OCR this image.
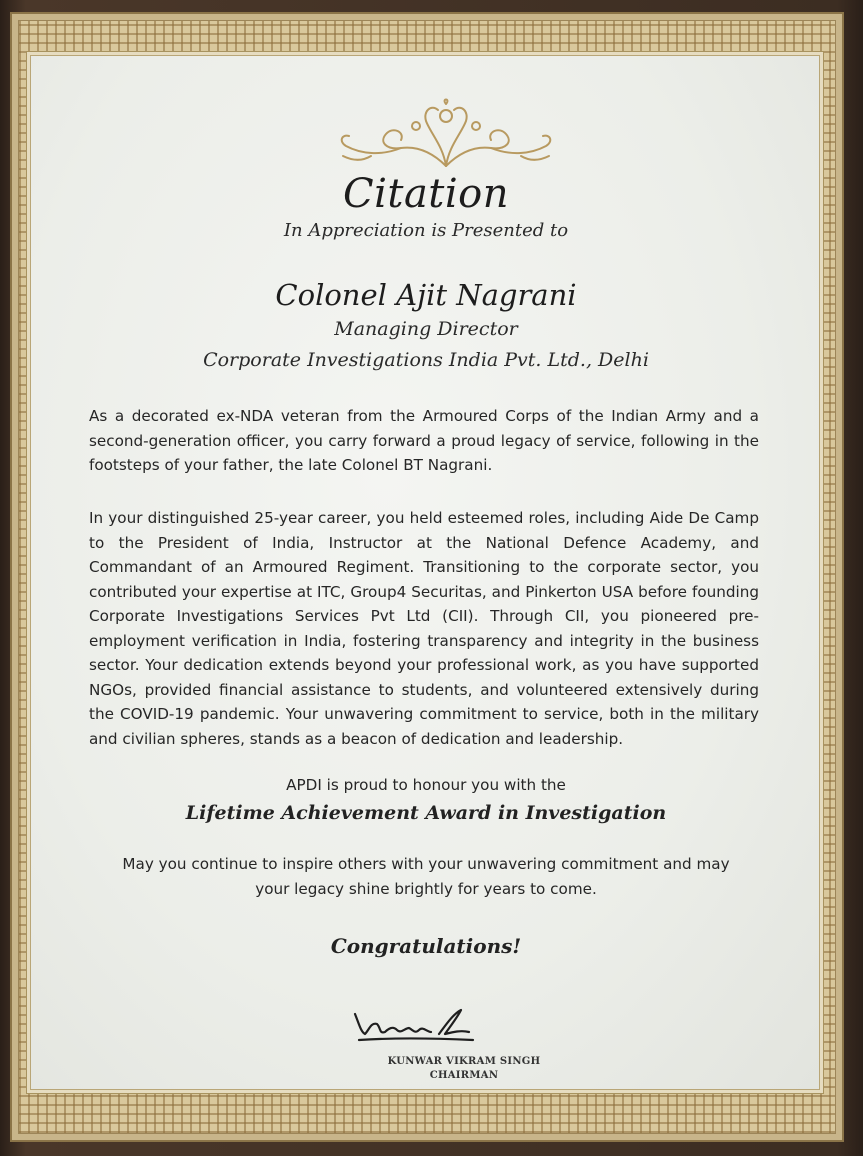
Citation
In Appreciation is Presented to
Colonel Ajit Nagrani
Managing Director
Corporate Investigations India Pvt. Ltd., Delhi

As a decorated ex-NDA veteran from the Armoured Corps of the Indian Army and a second-generation officer, you carry forward a proud legacy of service, following in the footsteps of your father, the late Colonel BT Nagrani.

In your distinguished 25-year career, you held esteemed roles, including Aide De Camp to the President of India, Instructor at the National Defence Academy, and Commandant of an Armoured Regiment. Transitioning to the corporate sector, you contributed your expertise at ITC, Group4 Securitas, and Pinkerton USA before founding Corporate Investigations Services Pvt Ltd (CII). Through CII, you pioneered pre-employment verification in India, fostering transparency and integrity in the business sector. Your dedication extends beyond your professional work, as you have supported NGOs, provided financial assistance to students, and volunteered extensively during the COVID-19 pandemic. Your unwavering commitment to service, both in the military and civilian spheres, stands as a beacon of dedication and leadership.

APDI is proud to honour you with the
Lifetime Achievement Award in Investigation
May you continue to inspire others with your unwavering commitment and may
your legacy shine brightly for years to come.
Congratulations!
KUNWAR VIKRAM SINGH
CHAIRMAN
